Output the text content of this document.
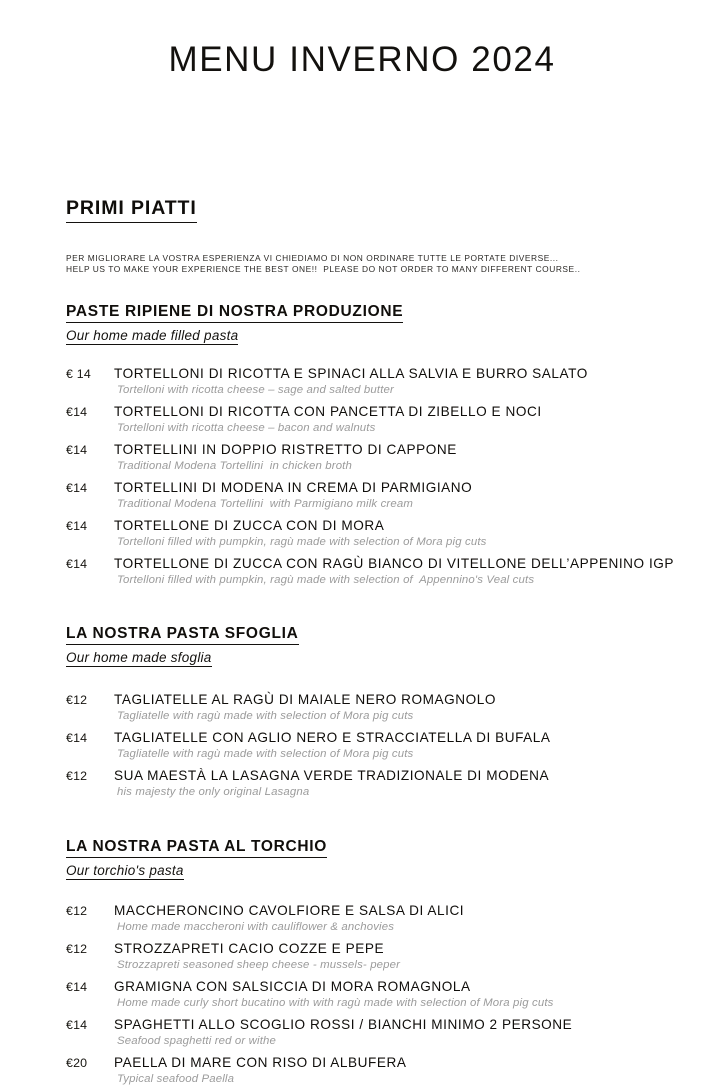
MENU INVERNO 2024
PRIMI PIATTI
PER MIGLIORARE LA VOSTRA ESPERIENZA VI CHIEDIAMO DI NON ORDINARE TUTTE LE PORTATE DIVERSE...
HELP US TO MAKE YOUR EXPERIENCE THE BEST ONE!!  PLEASE DO NOT ORDER TO MANY DIFFERENT COURSE..
PASTE RIPIENE DI NOSTRA PRODUZIONE
Our home made filled pasta
€ 14	TORTELLONI DI RICOTTA E SPINACI ALLA SALVIA E BURRO SALATO
Tortelloni with ricotta cheese – sage and salted butter
€14	TORTELLONI DI RICOTTA CON PANCETTA DI ZIBELLO E NOCI
Tortelloni with ricotta cheese – bacon and walnuts
€14	TORTELLINI IN DOPPIO RISTRETTO DI CAPPONE
Traditional Modena Tortellini  in chicken broth
€14	TORTELLINI DI MODENA IN CREMA DI PARMIGIANO
Traditional Modena Tortellini  with Parmigiano milk cream
€14	TORTELLONE DI ZUCCA CON DI MORA
Tortelloni filled with pumpkin, ragù made with selection of Mora pig cuts
€14	TORTELLONE DI ZUCCA CON RAGÙ BIANCO DI VITELLONE DELL’APPENINO IGP
Tortelloni filled with pumpkin, ragù made with selection of  Appennino's Veal cuts
LA NOSTRA PASTA SFOGLIA
Our home made sfoglia
€12	TAGLIATELLE AL RAGÙ DI MAIALE NERO ROMAGNOLO
Tagliatelle with ragù made with selection of Mora pig cuts
€14	TAGLIATELLE CON AGLIO NERO E STRACCIATELLA DI BUFALA
Tagliatelle with ragù made with selection of Mora pig cuts
€12	SUA MAESTÀ LA LASAGNA VERDE TRADIZIONALE DI MODENA
his majesty the only original Lasagna
LA NOSTRA PASTA AL TORCHIO
Our torchio's pasta
€12	MACCHERONCINO CAVOLFIORE E SALSA DI ALICI
Home made maccheroni with cauliflower & anchovies
€12	STROZZAPRETI CACIO COZZE E PEPE
Strozzapreti seasoned sheep cheese - mussels- peper
€14	GRAMIGNA CON SALSICCIA DI MORA ROMAGNOLA
Home made curly short bucatino with with ragù made with selection of Mora pig cuts
€14	SPAGHETTI ALLO SCOGLIO ROSSI / BIANCHI MINIMO 2 PERSONE
Seafood spaghetti red or withe
€20	PAELLA DI MARE CON RISO DI ALBUFERA
Typical seafood Paella
